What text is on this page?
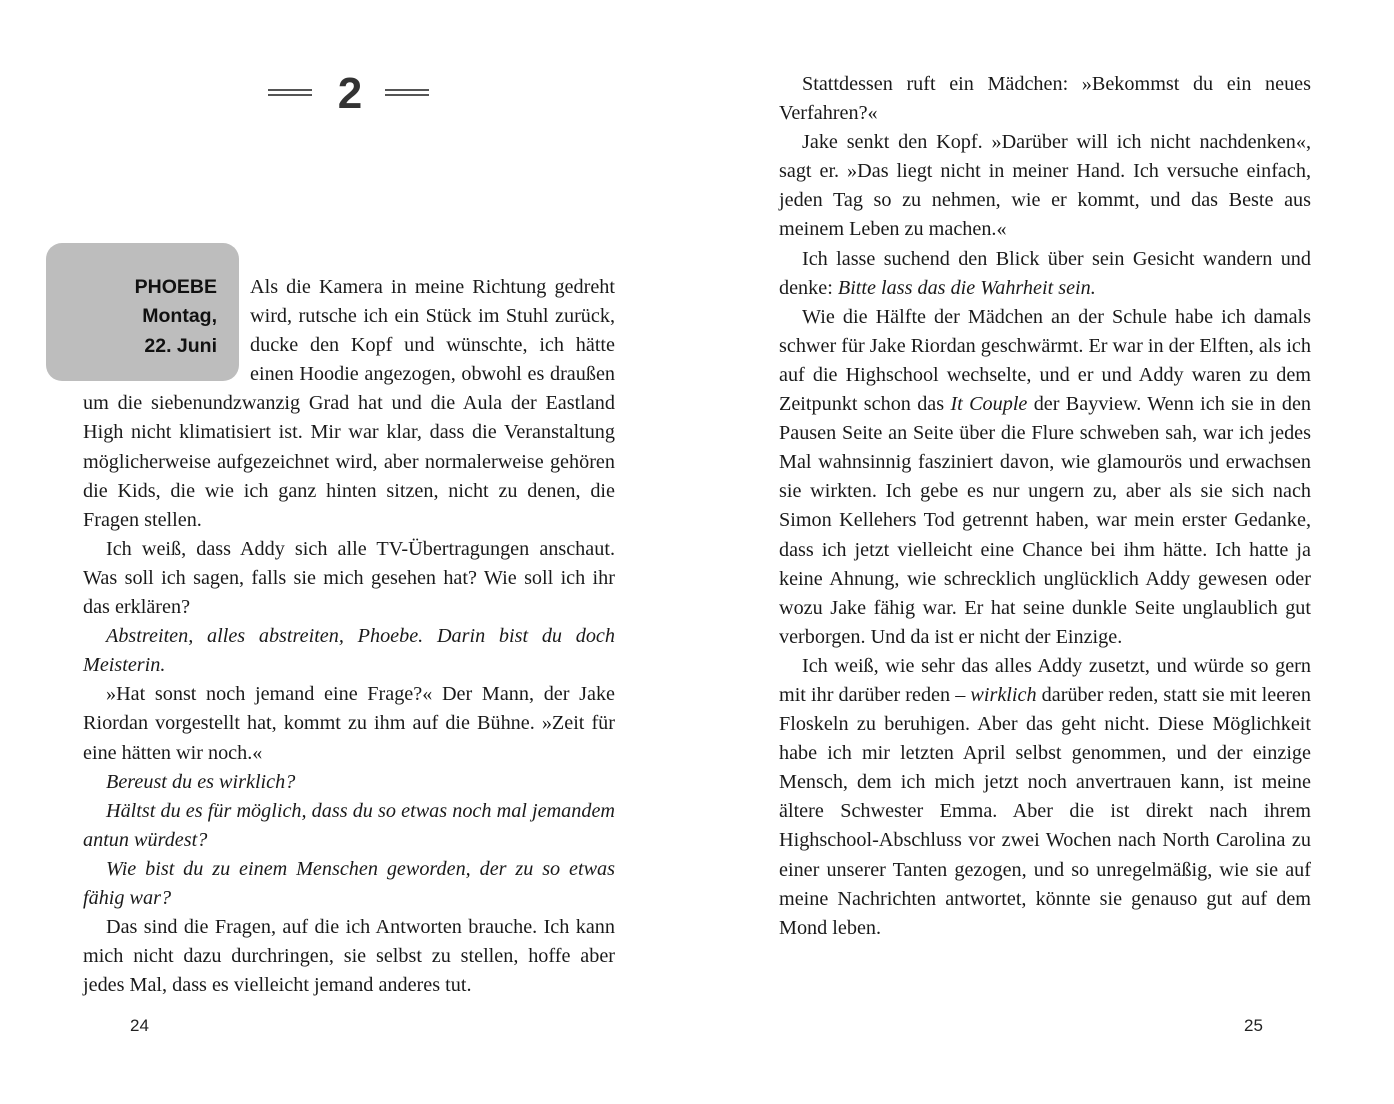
2
PHOEBE
Montag,
22. Juni

Als die Kamera in meine Richtung gedreht wird, rutsche ich ein Stück im Stuhl zurück, ducke den Kopf und wünschte, ich hätte einen Hoodie angezogen, obwohl es draußen um die siebenundzwanzig Grad hat und die Aula der Eastland High nicht klimatisiert ist. Mir war klar, dass die Veranstaltung möglicherweise aufgezeichnet wird, aber normalerweise gehören die Kids, die wie ich ganz hinten sitzen, nicht zu denen, die Fragen stellen.

Ich weiß, dass Addy sich alle TV-Übertragungen anschaut. Was soll ich sagen, falls sie mich gesehen hat? Wie soll ich ihr das erklären?

Abstreiten, alles abstreiten, Phoebe. Darin bist du doch Meisterin.

»Hat sonst noch jemand eine Frage?« Der Mann, der Jake Riordan vorgestellt hat, kommt zu ihm auf die Bühne. »Zeit für eine hätten wir noch.«

Bereust du es wirklich?

Hältst du es für möglich, dass du so etwas noch mal jemandem antun würdest?

Wie bist du zu einem Menschen geworden, der zu so etwas fähig war?

Das sind die Fragen, auf die ich Antworten brauche. Ich kann mich nicht dazu durchringen, sie selbst zu stellen, hoffe aber jedes Mal, dass es vielleicht jemand anderes tut.

24

Stattdessen ruft ein Mädchen: »Bekommst du ein neues Verfahren?«

Jake senkt den Kopf. »Darüber will ich nicht nachdenken«, sagt er. »Das liegt nicht in meiner Hand. Ich versuche einfach, jeden Tag so zu nehmen, wie er kommt, und das Beste aus meinem Leben zu machen.«

Ich lasse suchend den Blick über sein Gesicht wandern und denke: Bitte lass das die Wahrheit sein.

Wie die Hälfte der Mädchen an der Schule habe ich damals schwer für Jake Riordan geschwärmt. Er war in der Elften, als ich auf die Highschool wechselte, und er und Addy waren zu dem Zeitpunkt schon das It Couple der Bayview. Wenn ich sie in den Pausen Seite an Seite über die Flure schweben sah, war ich jedes Mal wahnsinnig fasziniert davon, wie glamourös und erwachsen sie wirkten. Ich gebe es nur ungern zu, aber als sie sich nach Simon Kellehers Tod getrennt haben, war mein erster Gedanke, dass ich jetzt vielleicht eine Chance bei ihm hätte. Ich hatte ja keine Ahnung, wie schrecklich unglücklich Addy gewesen oder wozu Jake fähig war. Er hat seine dunkle Seite unglaublich gut verborgen. Und da ist er nicht der Einzige.

Ich weiß, wie sehr das alles Addy zusetzt, und würde so gern mit ihr darüber reden – wirklich darüber reden, statt sie mit leeren Floskeln zu beruhigen. Aber das geht nicht. Diese Möglichkeit habe ich mir letzten April selbst genommen, und der einzige Mensch, dem ich mich jetzt noch anvertrauen kann, ist meine ältere Schwester Emma. Aber die ist direkt nach ihrem Highschool-Abschluss vor zwei Wochen nach North Carolina zu einer unserer Tanten gezogen, und so unregelmäßig, wie sie auf meine Nachrichten antwortet, könnte sie genauso gut auf dem Mond leben.

25
